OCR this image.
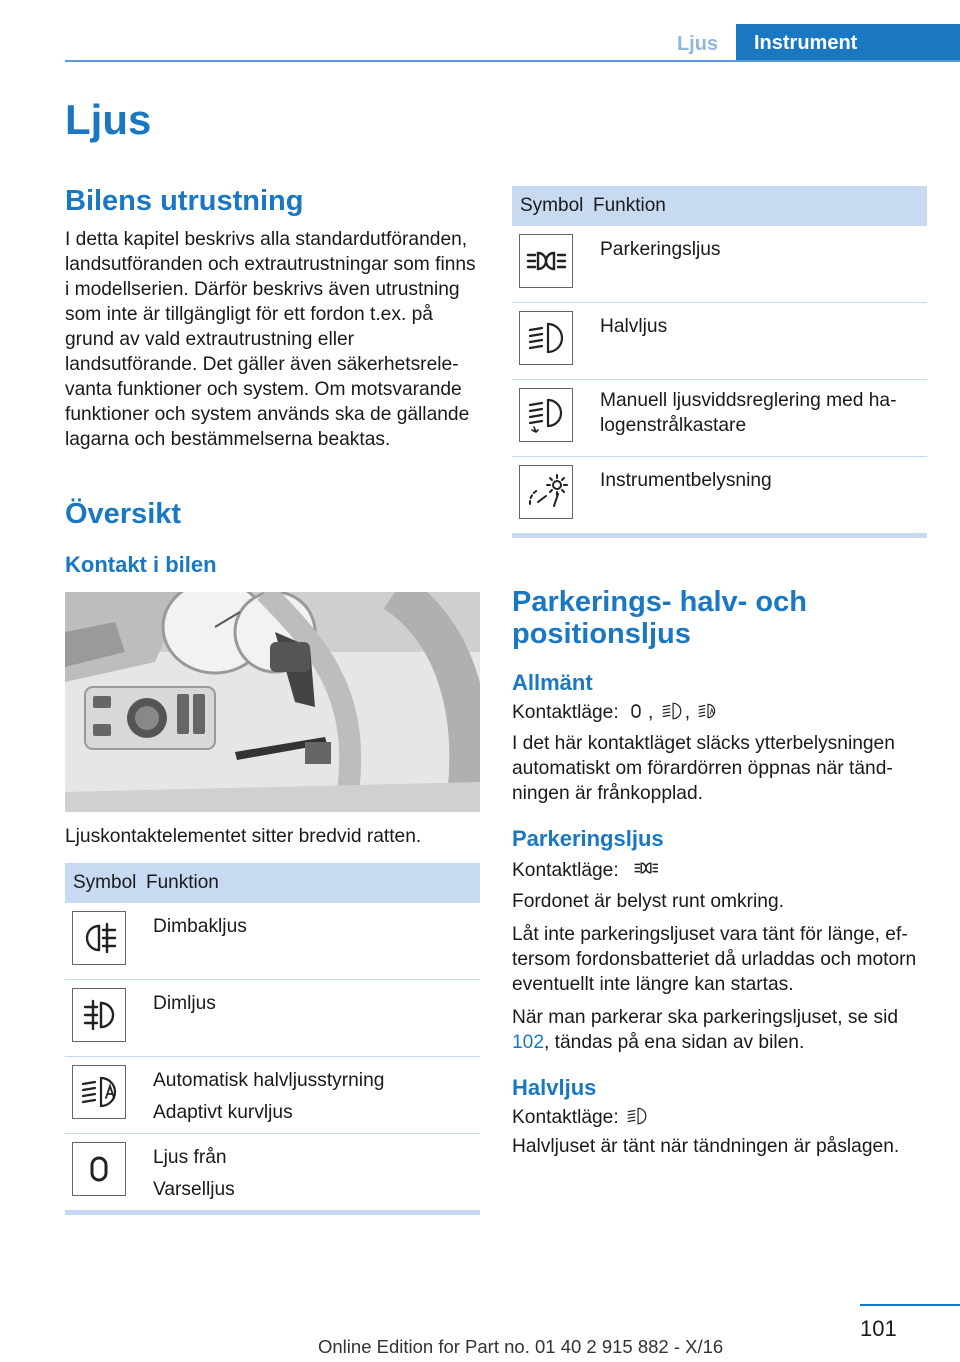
Ljus	Instrument
Ljus
Bilens utrustning

I detta kapitel beskrivs alla standardutföranden, landsutföranden och extrautrustningar som finns i modellserien. Därför beskrivs även utrustning som inte är tillgängligt för ett fordon t.ex. på grund av vald extrautrustning eller landsutförande. Det gäller även säkerhetsrelevanta funktioner och system. Om motsvarande funktioner och system används ska de gällande lagarna och bestämmelserna beaktas.

Översikt
Kontakt i bilen

Ljuskontaktelementet sitter bredvid ratten.

Symbol Funktion
Dimbakljus
Dimljus
Automatisk halvljusstyrning
Adaptivt kurvljus
Ljus från
Varselljus
Symbol Funktion
Parkeringsljus
Halvljus
Manuell ljusviddsreglering med ha-
logenstrålkastare
Instrumentbelysning
Parkerings- halv- och
positionsljus
Allmänt

Kontaktläge: , ,

I det här kontaktläget släcks ytterbelysningen automatiskt om förardörren öppnas när tändningen är frånkopplad.

Parkeringsljus

Kontaktläge:

Fordonet är belyst runt omkring.

Låt inte parkeringsljuset vara tänt för länge, eftersom fordonsbatteriet då urladdas och motorn eventuellt inte längre kan startas.

När man parkerar ska parkeringsljuset, se sid 102, tändas på ena sidan av bilen.

Halvljus

Kontaktläge:

Halvljuset är tänt när tändningen är påslagen.

101
Online Edition for Part no. 01 40 2 915 882 - X/16
